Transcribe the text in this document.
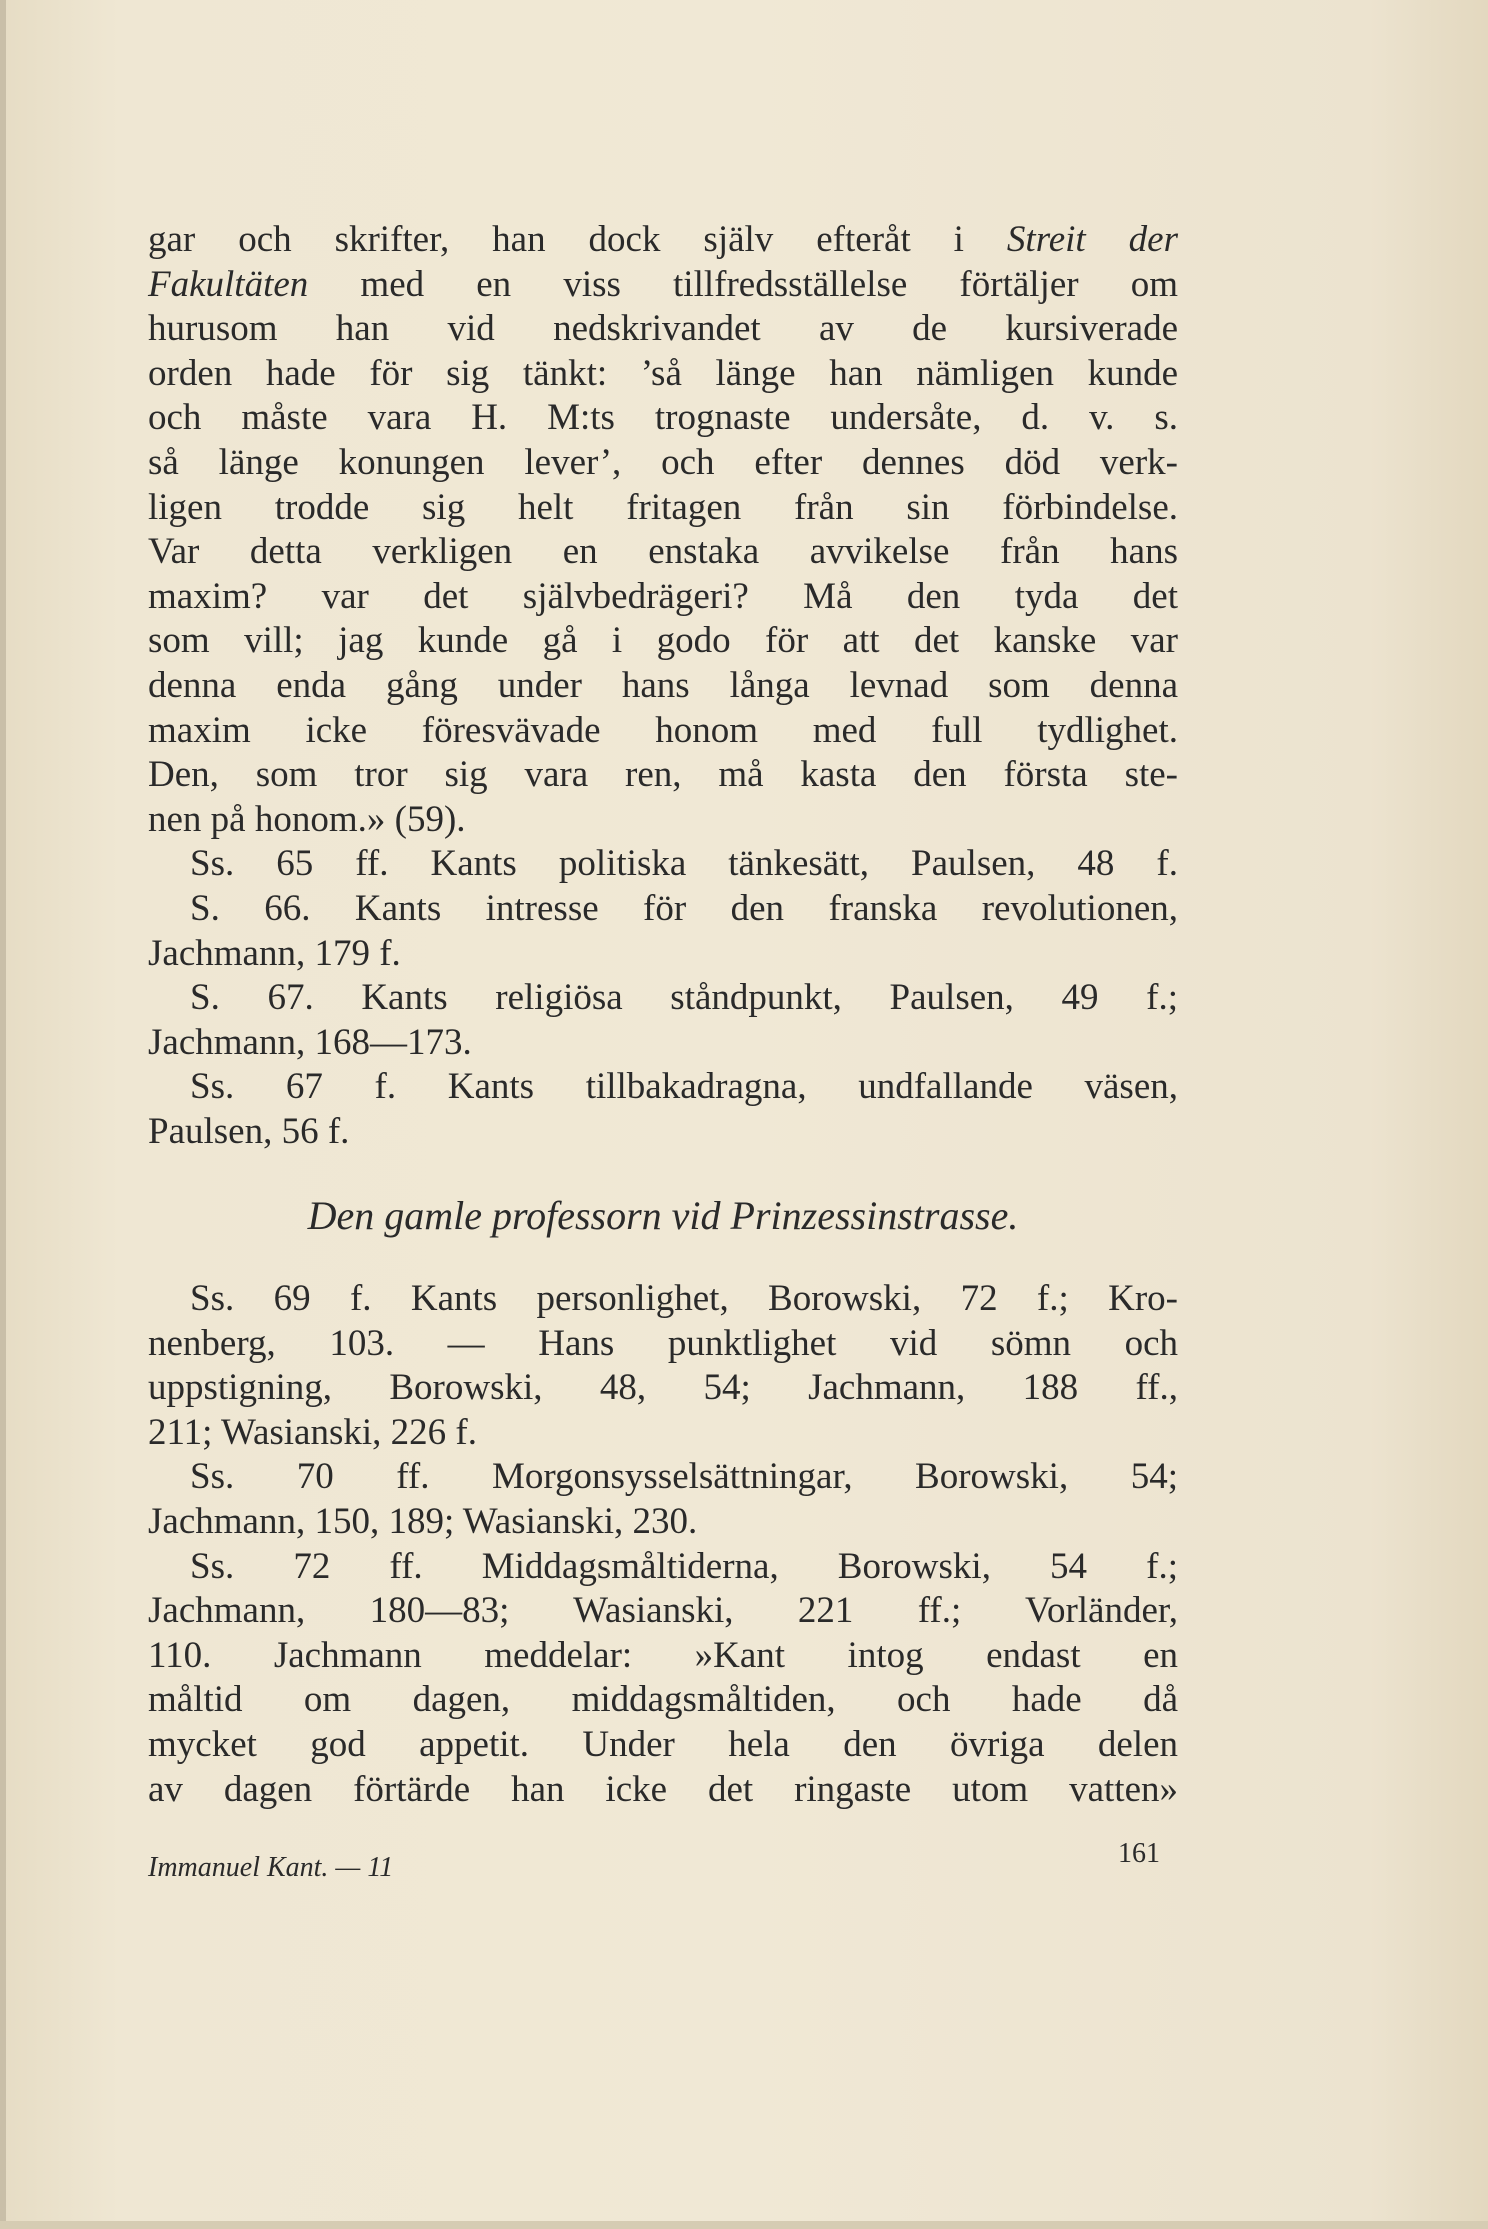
gar och skrifter, han dock själv efteråt i Streit der
Fakultäten med en viss tillfredsställelse förtäljer om
hurusom han vid nedskrivandet av de kursiverade
orden hade för sig tänkt: ’så länge han nämligen kunde
och måste vara H. M:ts trognaste undersåte, d. v. s.
så länge konungen lever’, och efter dennes död verk-
ligen trodde sig helt fritagen från sin förbindelse.
Var detta verkligen en enstaka avvikelse från hans
maxim? var det självbedrägeri? Må den tyda det
som vill; jag kunde gå i godo för att det kanske var
denna enda gång under hans långa levnad som denna
maxim icke föresvävade honom med full tydlighet.
Den, som tror sig vara ren, må kasta den första ste-
nen på honom.» (59).
Ss. 65 ff. Kants politiska tänkesätt, Paulsen, 48 f.
S. 66. Kants intresse för den franska revolutionen,
Jachmann, 179 f.
S. 67. Kants religiösa ståndpunkt, Paulsen, 49 f.;
Jachmann, 168—173.
Ss. 67 f. Kants tillbakadragna, undfallande väsen,
Paulsen, 56 f.
Den gamle professorn vid Prinzessinstrasse.
Ss. 69 f. Kants personlighet, Borowski, 72 f.; Kro-
nenberg, 103. — Hans punktlighet vid sömn och
uppstigning, Borowski, 48, 54; Jachmann, 188 ff.,
211; Wasianski, 226 f.
Ss. 70 ff. Morgonsysselsättningar, Borowski, 54;
Jachmann, 150, 189; Wasianski, 230.
Ss. 72 ff. Middagsmåltiderna, Borowski, 54 f.;
Jachmann, 180—83; Wasianski, 221 ff.; Vorländer,
110. Jachmann meddelar: »Kant intog endast en
måltid om dagen, middagsmåltiden, och hade då
mycket god appetit. Under hela den övriga delen
av dagen förtärde han icke det ringaste utom vatten»
Immanuel Kant. — 11	161
